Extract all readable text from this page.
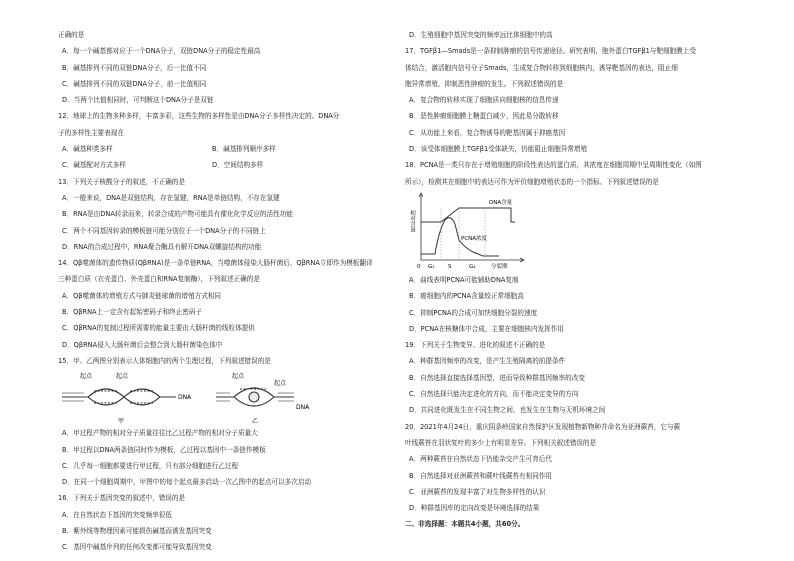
正确的是
A．每一个碱基都对应于一个DNA分子，双链DNA分子的稳定性最高
B．碱基排列不同的双链DNA分子，后一比值不同
C．碱基排列不同的双链DNA分子，前一比值相同
D．当两个比值相同时，可判断这个DNA分子是双链
12．地球上的生物多种多样，丰富多彩，这些生物的多样性是由DNA分子多样性决定的。DNA分
子的多样性主要表现在
A．碱基种类多样	B．碱基排列顺序多样
C．碱基配对方式多样	D．空间结构多样
13．下列关于核酸分子的叙述，不正确的是
A．一般来说，DNA是双链结构，存在氢键，RNA是单链结构，不存在氢键
B．RNA是由DNA转录而来，转录合成的产物可能具有催化化学反应的活性功能
C．两个不同基因转录的模板链可能分别位于一个DNA分子的不同链上
D．RNA的合成过程中，RNA聚合酶具有解开DNA双螺旋结构的功能
14．Qβ噬菌体的遗传物质(QβRNA)是一条单链RNA，当噬菌体侵染大肠杆菌后，QβRNA立即作为模板翻译
三种蛋白质（衣壳蛋白、外壳蛋白和RNA复制酶），下列叙述正确的是
A．Qβ噬菌体的增殖方式与肺炎链球菌的增殖方式相同
B．QβRNA上一定含有起始密码子和终止密码子
C．QβRNA的复制过程所需要的能量主要由大肠杆菌的线粒体提供
D．QβRNA侵入大肠杆菌后会整合到大肠杆菌染色体中
15．甲、乙两图分别表示人体细胞内的两个生理过程，下列叙述错误的是
起点	起点
DNA
甲
起点
起点
DNA
乙
A．甲过程产物的相对分子质量往往比乙过程产物的相对分子质量大
B．甲过程以DNA两条链同时作为模板，乙过程以基因中一条链作模板
C．几乎每一细胞都要进行甲过程，只有部分细胞进行乙过程
D．在同一个细胞周期中，甲图中的每个起点最多启动一次乙图中的起点可以多次启动
16．下列关于基因突变的叙述中，错误的是
A．在自然状态下基因的突变频率很低
B．紫外线等物理因素可能损伤碱基而诱发基因突变
C．基因中碱基序列的任何改变都可能导致基因突变
D．生殖细胞中基因突变的频率远比体细胞中的高
17．TGFβ1—Smads是一条抑制肿瘤的信号传递途径。研究表明，胞外蛋白TGFβ1与靶细胞膜上受
体结合，激活胞内信号分子Smads，生成复合物转移到细胞核内，诱导靶基因的表达，阻止细
胞异常增殖，抑制恶性肿瘤的发生。下列叙述错误的是
A．复合物的转移实现了细胞质向细胞核的信息传递
B．恶性肿瘤细胞膜上糖蛋白减少，因此易分散转移
C．从功能上来看，复合物诱导的靶基因属于抑癌基因
D．该受体细胞膜上TGFβ1受体缺失，仍能阻止细胞异常增殖
18．PCNA是一类只存在于增殖细胞的阶段性表达的蛋白质，其浓度在细胞周期中呈周期性变化（如图
所示），检测其在细胞中的表达可作为评价细胞增殖状态的一个指标。下列叙述错误的是
相对含量
DNA含量
PCNA浓度
0 G₁ S	G₂	分裂期
A．曲线表明PCNA可能辅助DNA复制
B．癌细胞内的PCNA含量较正常细胞高
C．抑制PCNA的合成可加快细胞分裂的速度
D．PCNA在核糖体中合成，主要在细胞核内发挥作用
19．下列关于生物变异、进化的叙述不正确的是
A．种群基因频率的改变，是产生生殖隔离的前提条件
B．自然选择直接选择基因型，进而导致种群基因频率的改变
C．自然选择只能决定进化的方向，而不能决定变异的方向
D．共同进化既发生在不同生物之间，也发生在生物与无机环境之间
20．2021年4月24日，重庆阴条岭国家自然保护区发现植物新物种并命名为亚洲蕨苔，它与蕨
叶线蕨苔在羽状复叶的多少上有明显差异。下列相关叙述错误的是
A．两种蕨苔在自然状态下仍能杂交产生可育后代
B．自然选择对亚洲蕨苔和蕨叶线蕨苔有相同作用
C．亚洲蕨苔的发现丰富了对生物多样性的认识
D．种群基因库的定向改变是环境选择的结果
二、非选择题：本题共4小题，共60分。
